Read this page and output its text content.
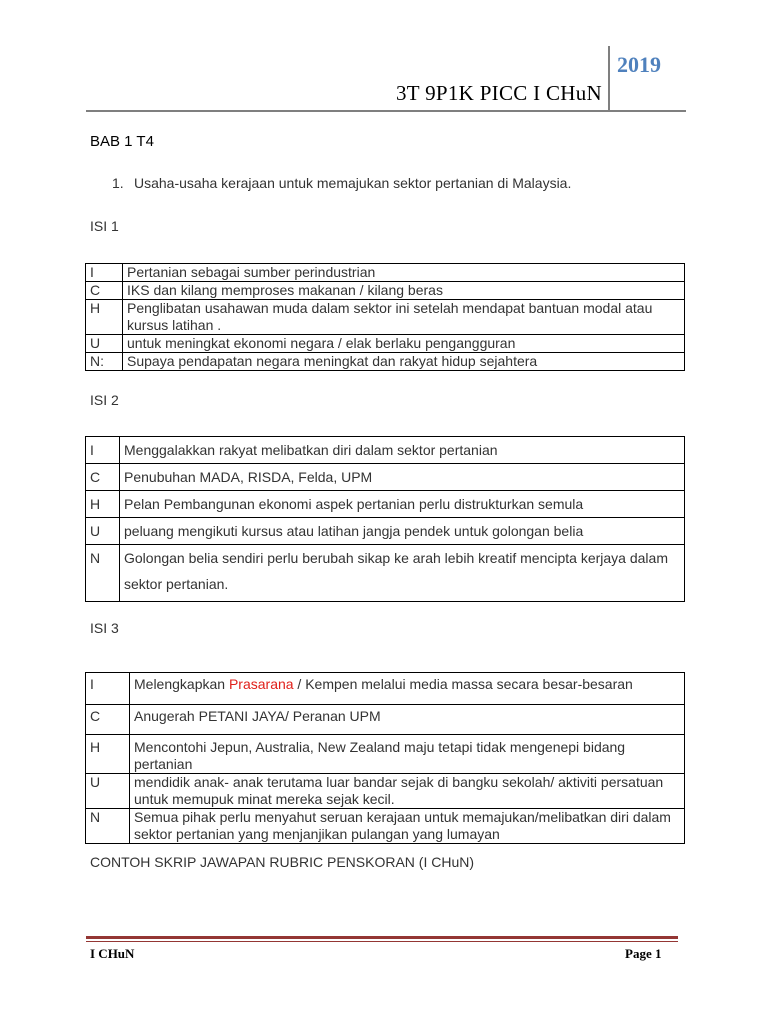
2019
3T 9P1K PICC I CHuN
BAB 1 T4
1. Usaha-usaha kerajaan untuk memajukan sektor pertanian di Malaysia.
ISI 1
I	Pertanian sebagai sumber perindustrian
C	IKS dan kilang memproses makanan / kilang beras
H	Penglibatan usahawan muda dalam sektor ini setelah mendapat bantuan modal atau kursus latihan .
U	untuk meningkat ekonomi negara / elak berlaku pengangguran
N:	Supaya pendapatan negara meningkat dan rakyat hidup sejahtera
ISI 2
I	Menggalakkan rakyat melibatkan diri dalam sektor pertanian
C	Penubuhan MADA, RISDA, Felda, UPM
H	Pelan Pembangunan ekonomi aspek pertanian perlu distrukturkan semula
U	peluang mengikuti kursus atau latihan jangja pendek untuk golongan belia
N	Golongan belia sendiri perlu berubah sikap ke arah lebih kreatif mencipta kerjaya dalam sektor pertanian.
ISI 3
I	Melengkapkan Prasarana / Kempen melalui media massa secara besar-besaran
C	Anugerah PETANI JAYA/ Peranan UPM
H	Mencontohi Jepun, Australia, New Zealand maju tetapi tidak mengenepi bidang pertanian
U	mendidik anak- anak terutama luar bandar sejak di bangku sekolah/ aktiviti persatuan untuk memupuk minat mereka sejak kecil.
N	Semua pihak perlu menyahut seruan kerajaan untuk memajukan/melibatkan diri dalam sektor pertanian yang menjanjikan pulangan yang lumayan
CONTOH SKRIP JAWAPAN RUBRIC PENSKORAN (I CHuN)
I CHuN	Page 1
